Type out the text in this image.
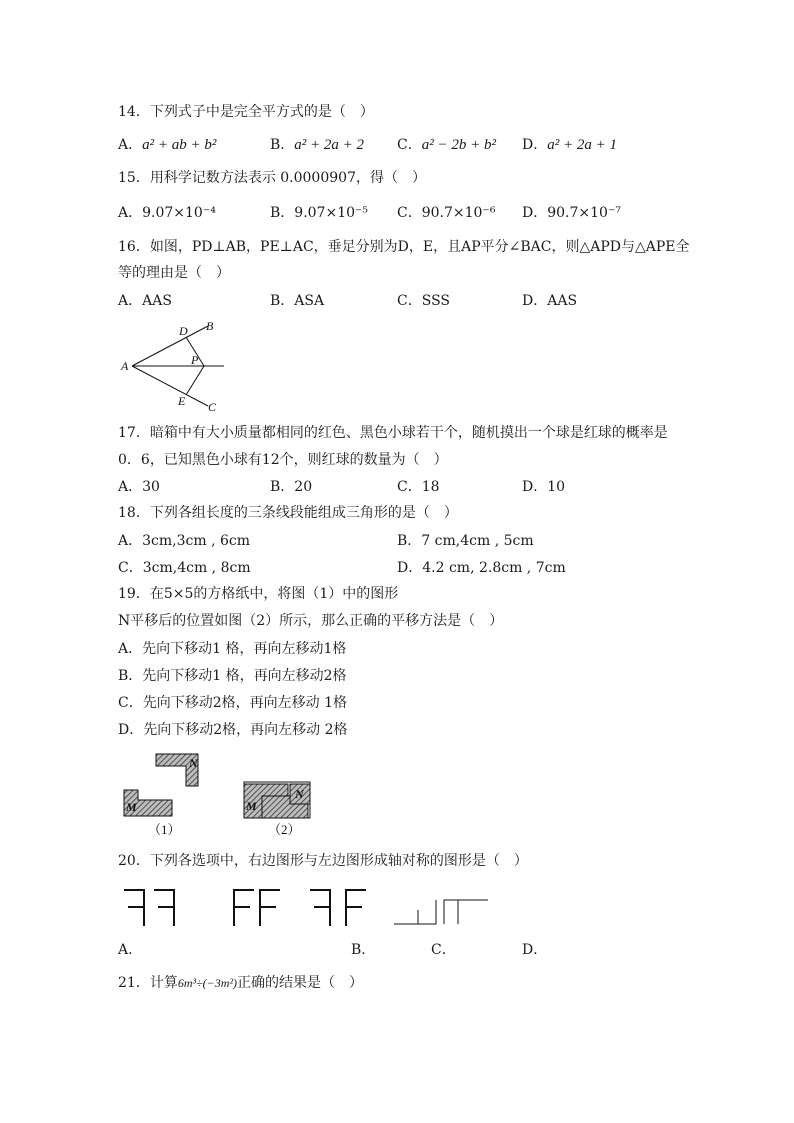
14．下列式子中是完全平方式的是（　）
A．a² + ab + b²	B．a² + 2a + 2 C．a² − 2b + b² D．a² + 2a + 1
15．用科学记数方法表示 0.0000907，得（　）
A．9.07×10⁻⁴	B．9.07×10⁻⁵ C．90.7×10⁻⁶ D．90.7×10⁻⁷
16．如图，PD⊥AB，PE⊥AC，垂足分别为D，E，且AP平分∠BAC，则△APD与△APE全
等的理由是（　）
A．AAS	B．ASA	C．SSS	D．AAS
A
B
C
D
E
P
17．暗箱中有大小质量都相同的红色、黑色小球若干个，随机摸出一个球是红球的概率是
0．6，已知黑色小球有12个，则红球的数量为（　）
A．30	B．20	C．18	D．10
18．下列各组长度的三条线段能组成三角形的是（　）
A．3cm,3cm , 6cm	B．7 cm,4cm , 5cm
C．3cm,4cm , 8cm	D．4.2 cm, 2.8cm , 7cm
19．在5×5的方格纸中，将图（1）中的图形
N平移后的位置如图（2）所示，那么正确的平移方法是（　）
A．先向下移动1 格，再向左移动1格
B．先向下移动1 格，再向左移动2格
C．先向下移动2格，再向左移动 1格
D．先向下移动2格，再向左移动 2格
N
M
（1）
N
M
（2）
20．下列各选项中，右边图形与左边图形成轴对称的图形是（　）
A．	B．	C．	D．
21．计算6m³÷(−3m²)正确的结果是（　）
